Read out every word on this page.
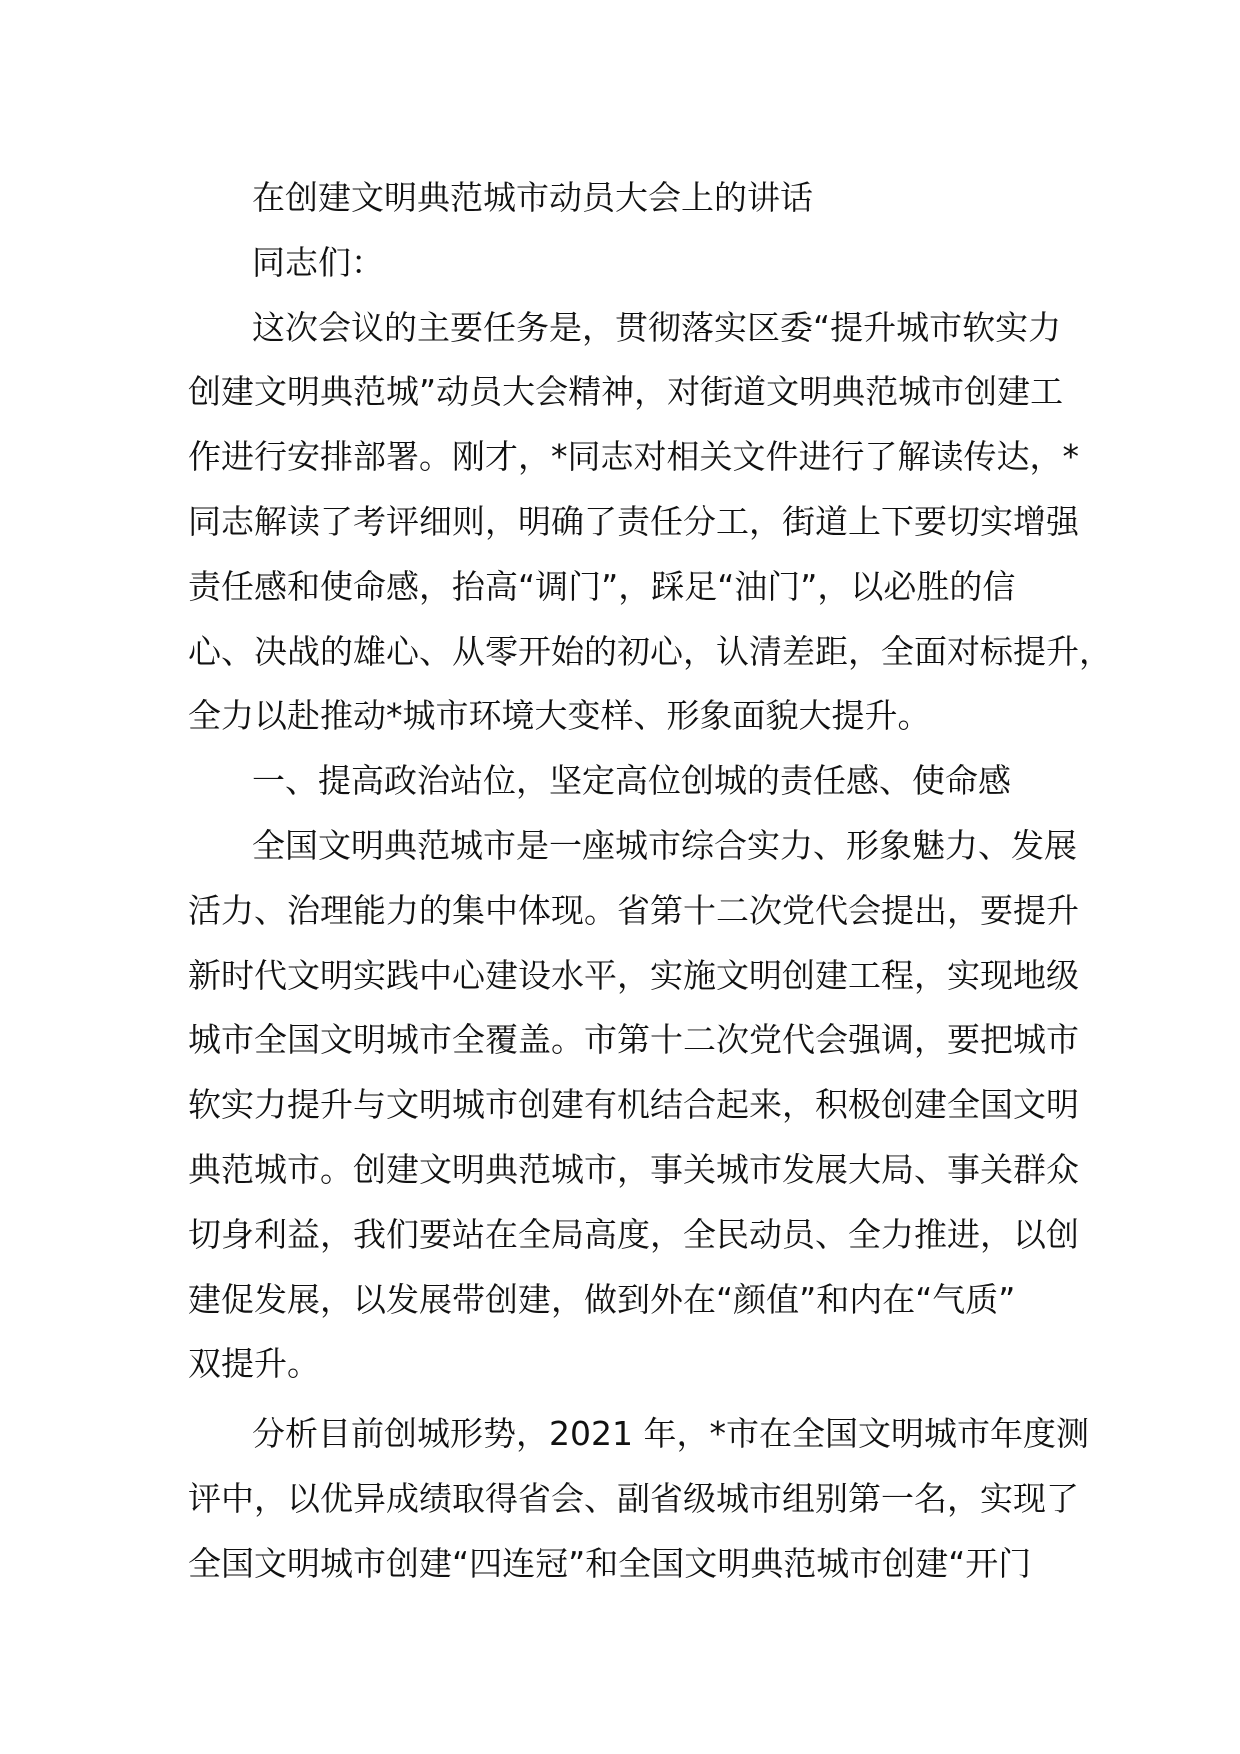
在创建文明典范城市动员大会上的讲话
同志们：
这次会议的主要任务是，贯彻落实区委“提升城市软实力
创建文明典范城”动员大会精神，对街道文明典范城市创建工
作进行安排部署。刚才，*同志对相关文件进行了解读传达，*
同志解读了考评细则，明确了责任分工，街道上下要切实增强
责任感和使命感，抬高“调门”，踩足“油门”，以必胜的信
心、决战的雄心、从零开始的初心，认清差距，全面对标提升，
全力以赴推动*城市环境大变样、形象面貌大提升。
一、提高政治站位，坚定高位创城的责任感、使命感
全国文明典范城市是一座城市综合实力、形象魅力、发展
活力、治理能力的集中体现。省第十二次党代会提出，要提升
新时代文明实践中心建设水平，实施文明创建工程，实现地级
城市全国文明城市全覆盖。市第十二次党代会强调，要把城市
软实力提升与文明城市创建有机结合起来，积极创建全国文明
典范城市。创建文明典范城市，事关城市发展大局、事关群众
切身利益，我们要站在全局高度，全民动员、全力推进，以创
建促发展，以发展带创建，做到外在“颜值”和内在“气质”
双提升。
分析目前创城形势，2021 年，*市在全国文明城市年度测
评中，以优异成绩取得省会、副省级城市组别第一名，实现了
全国文明城市创建“四连冠”和全国文明典范城市创建“开门
